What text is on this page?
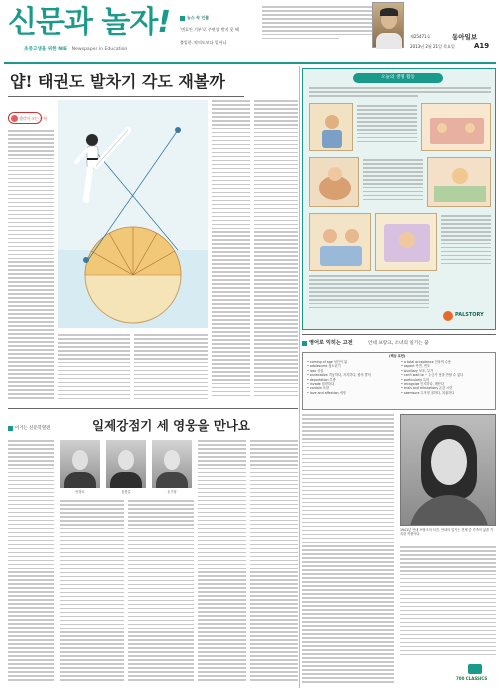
신문과 놀자!
초중고생을 위한 NIE Newspaper in Education
뉴스 속 인물
'변호인 기부'로 주연상 받지 못 해
출입한. 악의도보다 일어나
제25471호	동아일보
2013년 2월 21일 목요일	A19
얍! 태권도 발차기 각도 재볼까
생각이 크는 수학
오늘의 생명 활동
PALSTORY
영어로 익히는 고전	안네 프랑크, 소녀의 일기는 꿈
(핵심 표현)
• coming of age 성인이 됨
• adolescent 청소년기
• loss 상실
• annexation 격동하다, 지지하다, 합의 발칙
• deportation 추방
• invade 침략하다
• contain 포함
• love and affection 애정
• a total acceptance 전폭적 수용
• aspect 측면, 면모
• Auxiliary 보조, 부가
• can't wait to ~ 누군가 닿을 만할 수 없다
• particularly 특히
• recognize 인지하다, 깨닫다
• trials and tribulations 온갖 시련
• seemsure 무작정 절하다, 복잡하다
1941년 안네 프랑크의 사진. 안네의 일기는 전쟁 중 가족의 삶을 기록한 작품이다.
700 CLASSICS
이기는 신문학열전	일제강점기 세 영웅을 만나요
안창호	윤봉길	손기정
